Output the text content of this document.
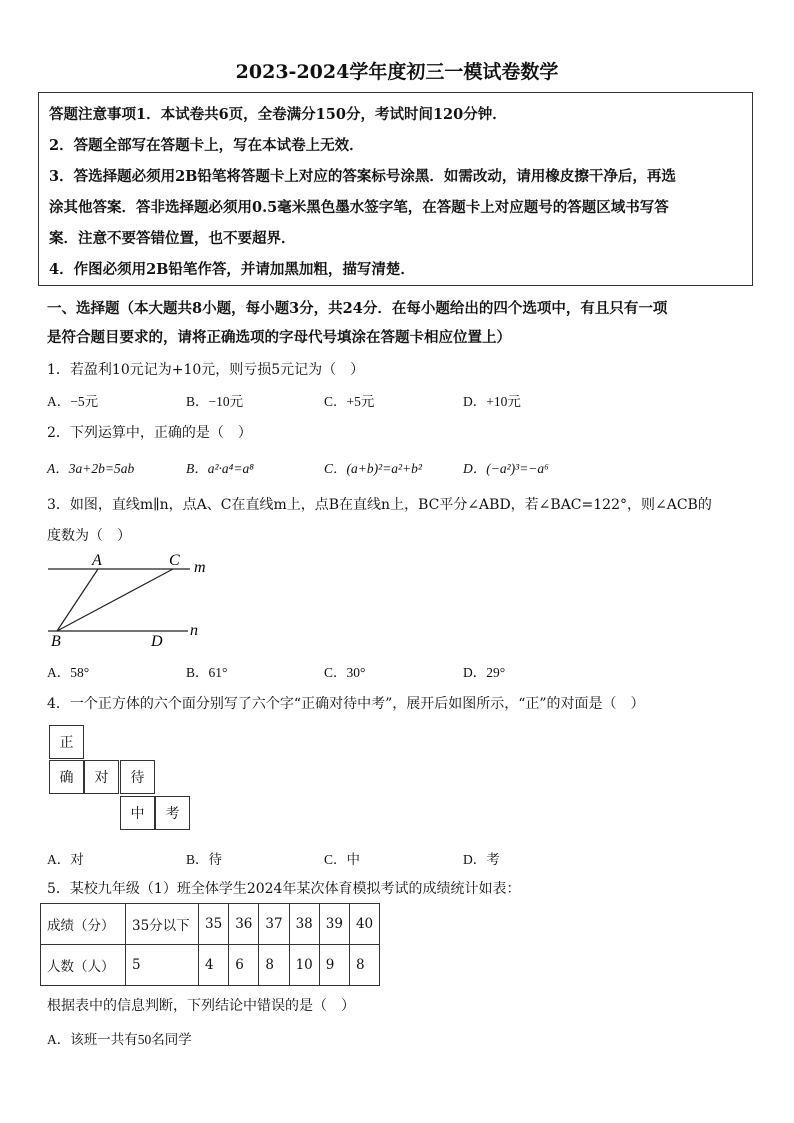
2023-2024学年度初三一模试卷数学
答题注意事项1．本试卷共6页，全卷满分150分，考试时间120分钟．
2．答题全部写在答题卡上，写在本试卷上无效．
3．答选择题必须用2B铅笔将答题卡上对应的答案标号涂黑．如需改动，请用橡皮擦干净后，再选
涂其他答案．答非选择题必须用0.5毫米黑色墨水签字笔，在答题卡上对应题号的答题区域书写答
案．注意不要答错位置，也不要超界．
4．作图必须用2B铅笔作答，并请加黑加粗，描写清楚．
一、选择题（本大题共8小题，每小题3分，共24分．在每小题给出的四个选项中，有且只有一项
是符合题目要求的，请将正确选项的字母代号填涂在答题卡相应位置上）
1．若盈利10元记为+10元，则亏损5元记为（　）
A．−5元	B．−10元	C．+5元	D．+10元
2．下列运算中，正确的是（　）
A．3a+2b=5ab	B．a²·a⁴=a⁸	C．(a+b)²=a²+b²	D．(−a²)³=−a⁶
3．如图，直线m∥n，点A、C在直线m上，点B在直线n上，BC平分∠ABD，若∠BAC=122°，则∠ACB的
度数为（　）
A	C m
B	D
n
A．58°	B．61°	C．30°	D．29°
4．一个正方体的六个面分别写了六个字“正确对待中考”，展开后如图所示，“正”的对面是（　）
正
确	对	待
中	考
A．对	B．待	C．中	D．考
5．某校九年级（1）班全体学生2024年某次体育模拟考试的成绩统计如表：
成绩（分）	35分以下	35	36	37	38	39	40
人数（人）	5	4	6	8	10	9	8
根据表中的信息判断，下列结论中错误的是（　）
A．该班一共有50名同学
